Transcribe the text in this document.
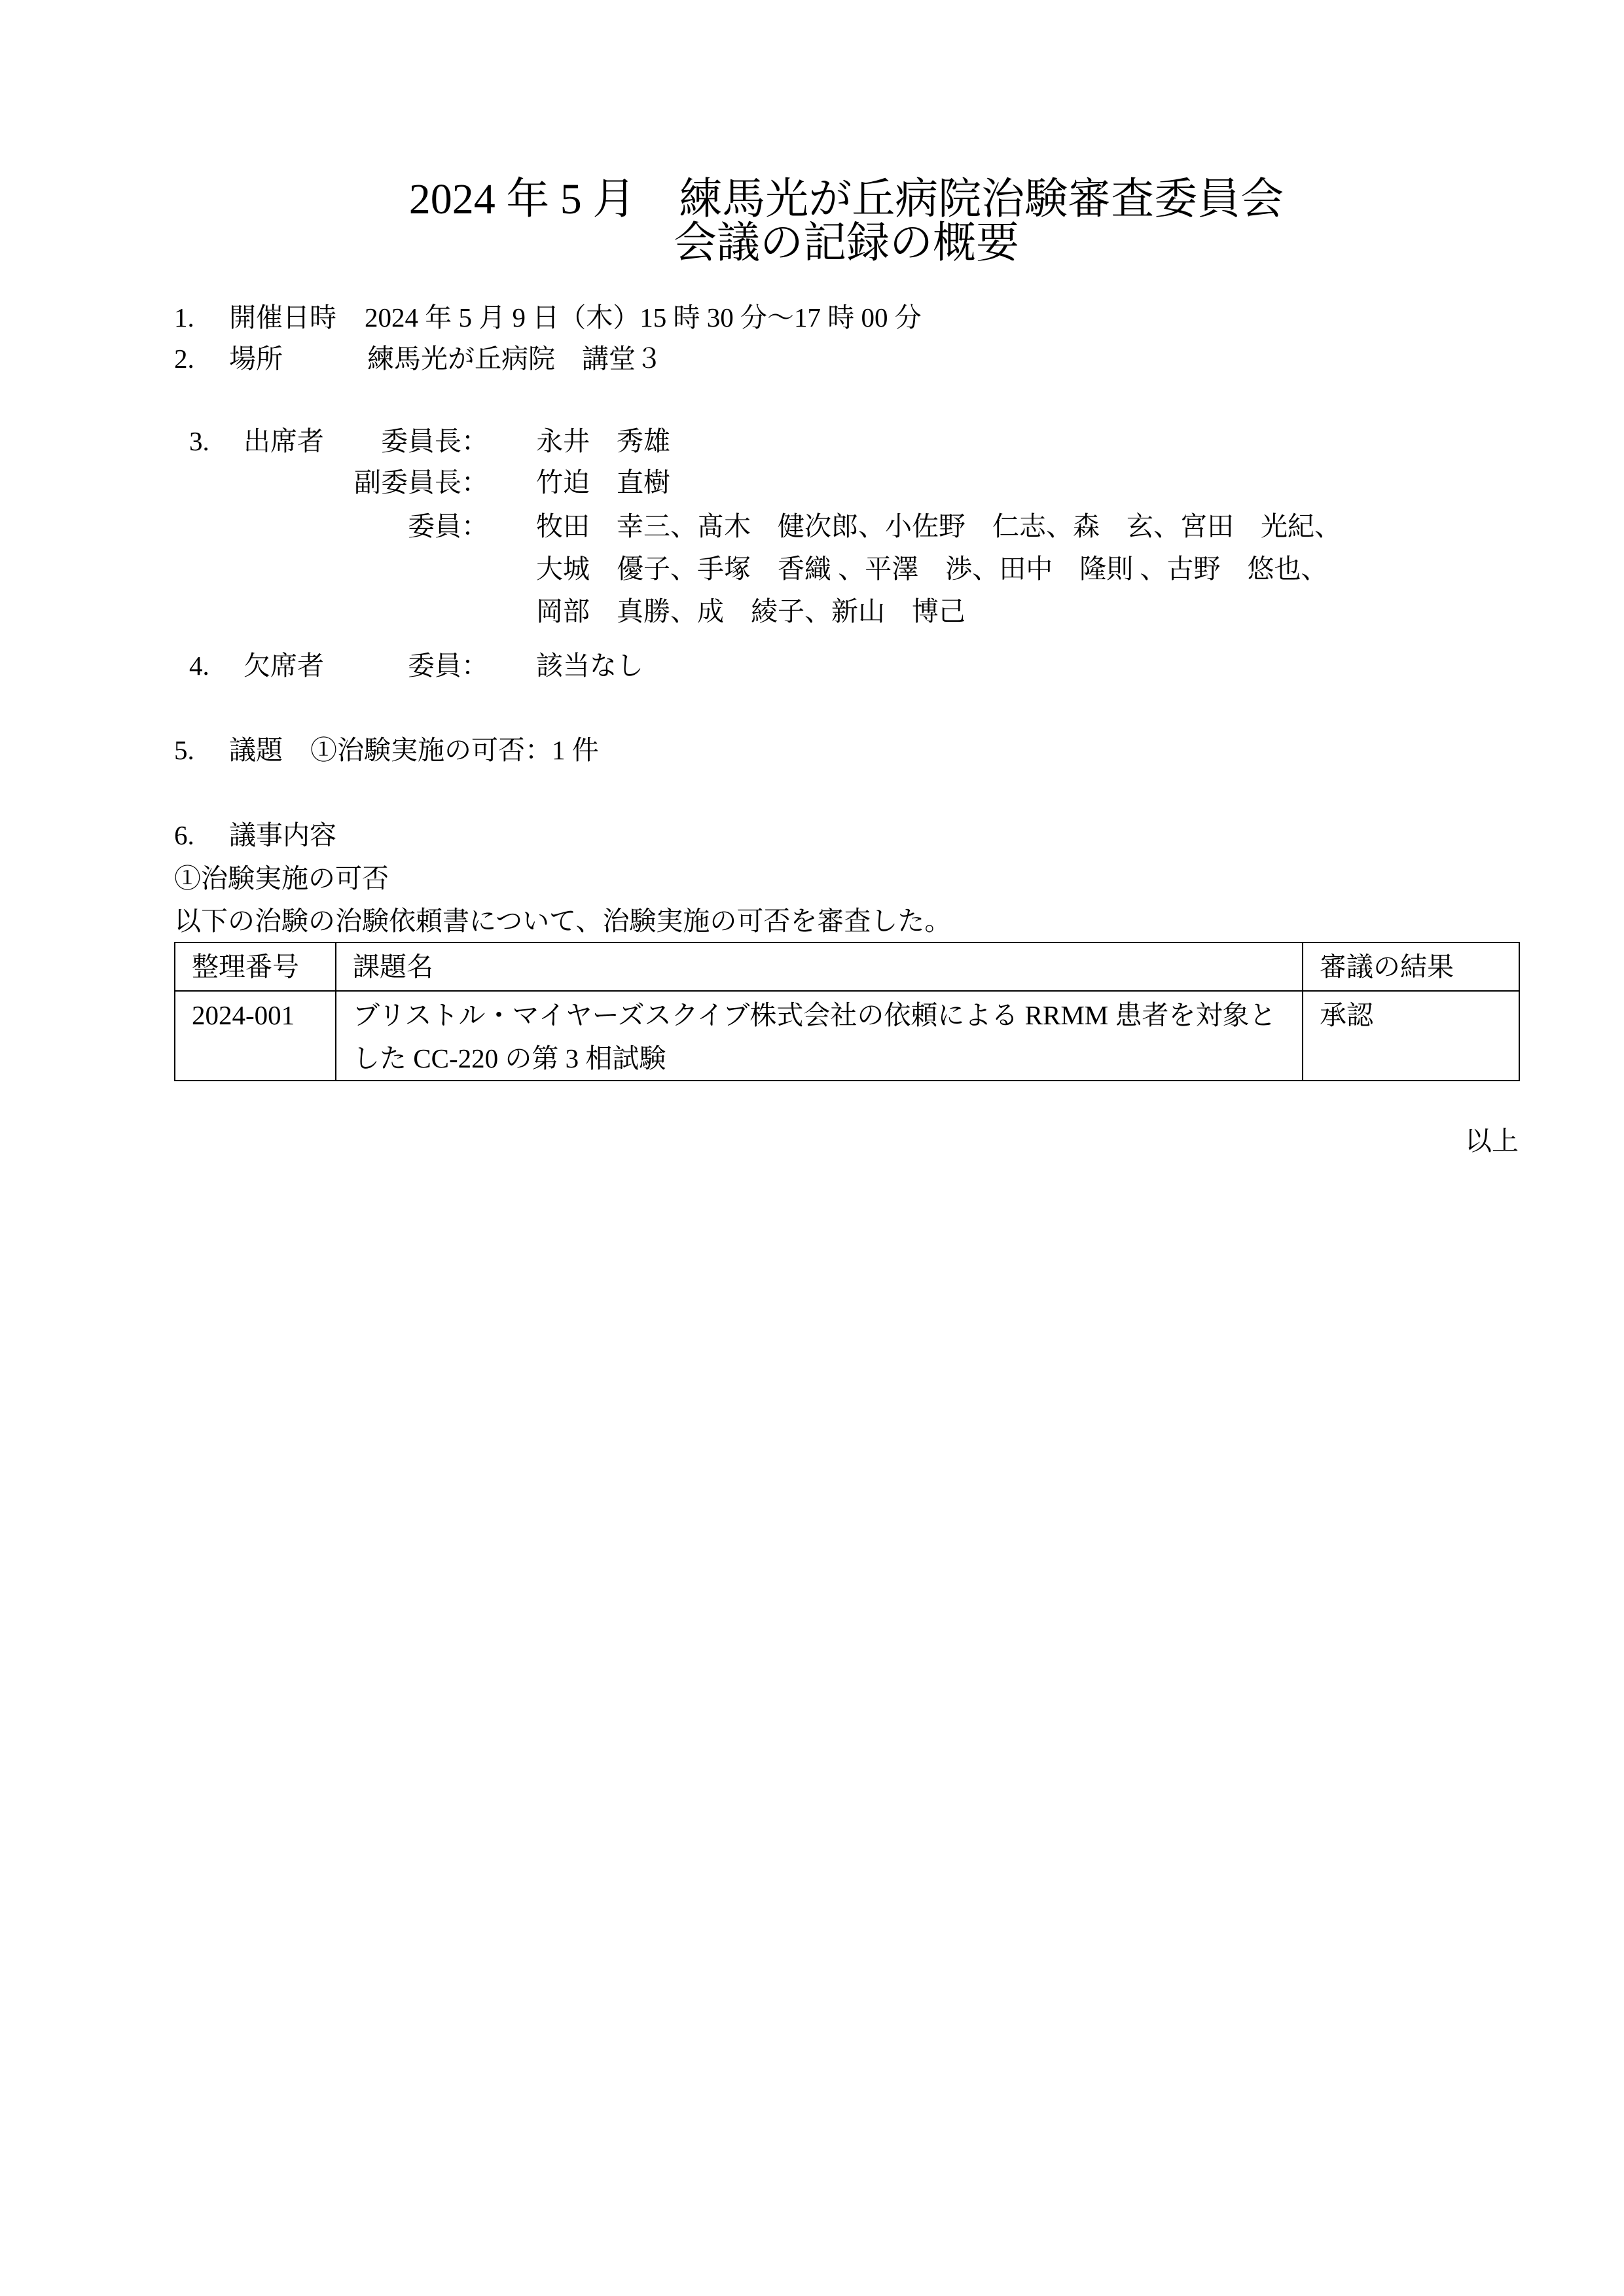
2024 年 5 月　練馬光が丘病院治験審査委員会
会議の記録の概要
1. 開催日時 2024 年 5 月 9 日（木）15 時 30 分～17 時 00 分
2. 場所	練馬光が丘病院　講堂３
3. 出席者	委員長： 永井　秀雄
副委員長： 竹迫　直樹
委員： 牧田　幸三、髙木　健次郎、小佐野　仁志、森　玄、宮田　光紀、
大城　優子、手塚　香織 、平澤　渉、田中　隆則 、古野　悠也、
岡部　真勝、成　綾子、新山　博己
4. 欠席者	委員： 該当なし
5. 議題 ①治験実施の可否：1 件
6. 議事内容
①治験実施の可否
以下の治験の治験依頼書について、治験実施の可否を審査した。
整理番号	課題名	審議の結果
2024-001	ブリストル・マイヤーズスクイブ株式会社の依頼による RRMM 患者を対象とした CC-220 の第 3 相試験	承認
以上
